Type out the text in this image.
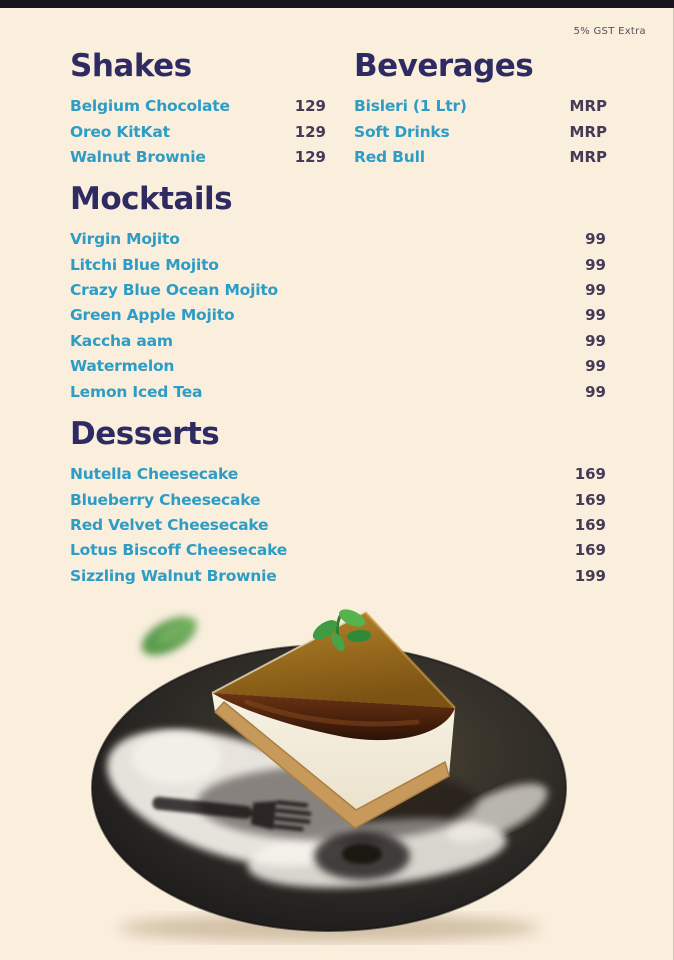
5% GST Extra
Shakes
Belgium Chocolate	129
Oreo KitKat	129
Walnut Brownie	129
Beverages
Bisleri (1 Ltr)	MRP
Soft Drinks	MRP
Red Bull	MRP
Mocktails
Virgin Mojito	99
Litchi Blue Mojito	99
Crazy Blue Ocean Mojito	99
Green Apple Mojito	99
Kaccha aam	99
Watermelon	99
Lemon Iced Tea	99
Desserts
Nutella Cheesecake	169
Blueberry Cheesecake	169
Red Velvet Cheesecake	169
Lotus Biscoff Cheesecake	169
Sizzling Walnut Brownie	199
